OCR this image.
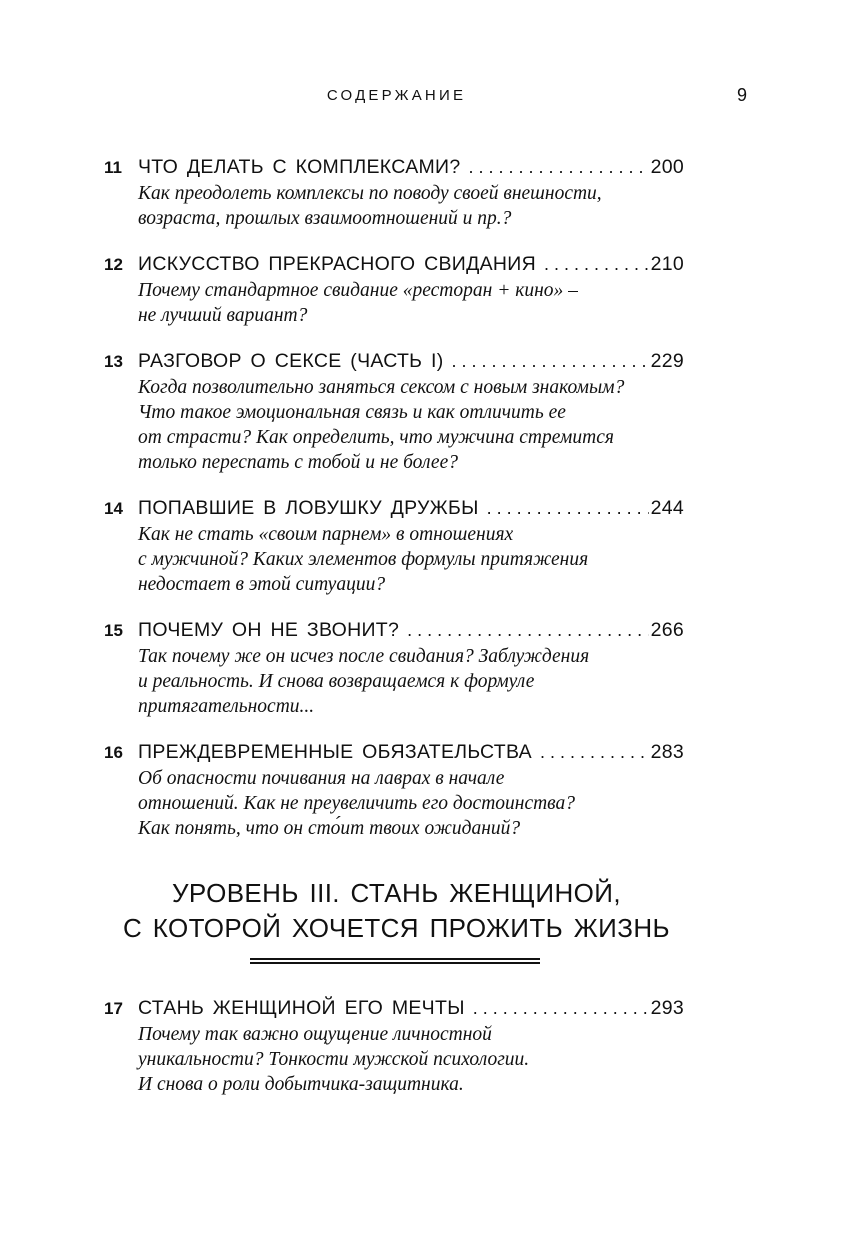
СОДЕРЖАНИЕ	9
11 ЧТО ДЕЛАТЬ С КОМПЛЕКСАМИ? . . .	200
Как преодолеть комплексы по поводу своей внешности,
возраста, прошлых взаимоотношений и пр.?
12 ИСКУССТВО ПРЕКРАСНОГО СВИДАНИЯ . . .	210
Почему стандартное свидание «ресторан + кино» –
не лучший вариант?
13 РАЗГОВОР О СЕКСЕ (ЧАСТЬ I) . . .	229
Когда позволительно заняться сексом с новым знакомым?
Что такое эмоциональная связь и как отличить ее
от страсти? Как определить, что мужчина стремится
только переспать с тобой и не более?
14 ПОПАВШИЕ В ЛОВУШКУ ДРУЖБЫ . . .	244
Как не стать «своим парнем» в отношениях
с мужчиной? Каких элементов формулы притяжения
недостает в этой ситуации?
15 ПОЧЕМУ ОН НЕ ЗВОНИТ? . . .	266
Так почему же он исчез после свидания? Заблуждения
и реальность. И снова возвращаемся к формуле
притягательности...
16 ПРЕЖДЕВРЕМЕННЫЕ ОБЯЗАТЕЛЬСТВА . . .	283
Об опасности почивания на лаврах в начале
отношений. Как не преувеличить его достоинства?
Как понять, что он сто́ит твоих ожиданий?
УРОВЕНЬ III. СТАНЬ ЖЕНЩИНОЙ,
С КОТОРОЙ ХОЧЕТСЯ ПРОЖИТЬ ЖИЗНЬ
17 СТАНЬ ЖЕНЩИНОЙ ЕГО МЕЧТЫ . . .	293
Почему так важно ощущение личностной
уникальности? Тонкости мужской психологии.
И снова о роли добытчика-защитника.
